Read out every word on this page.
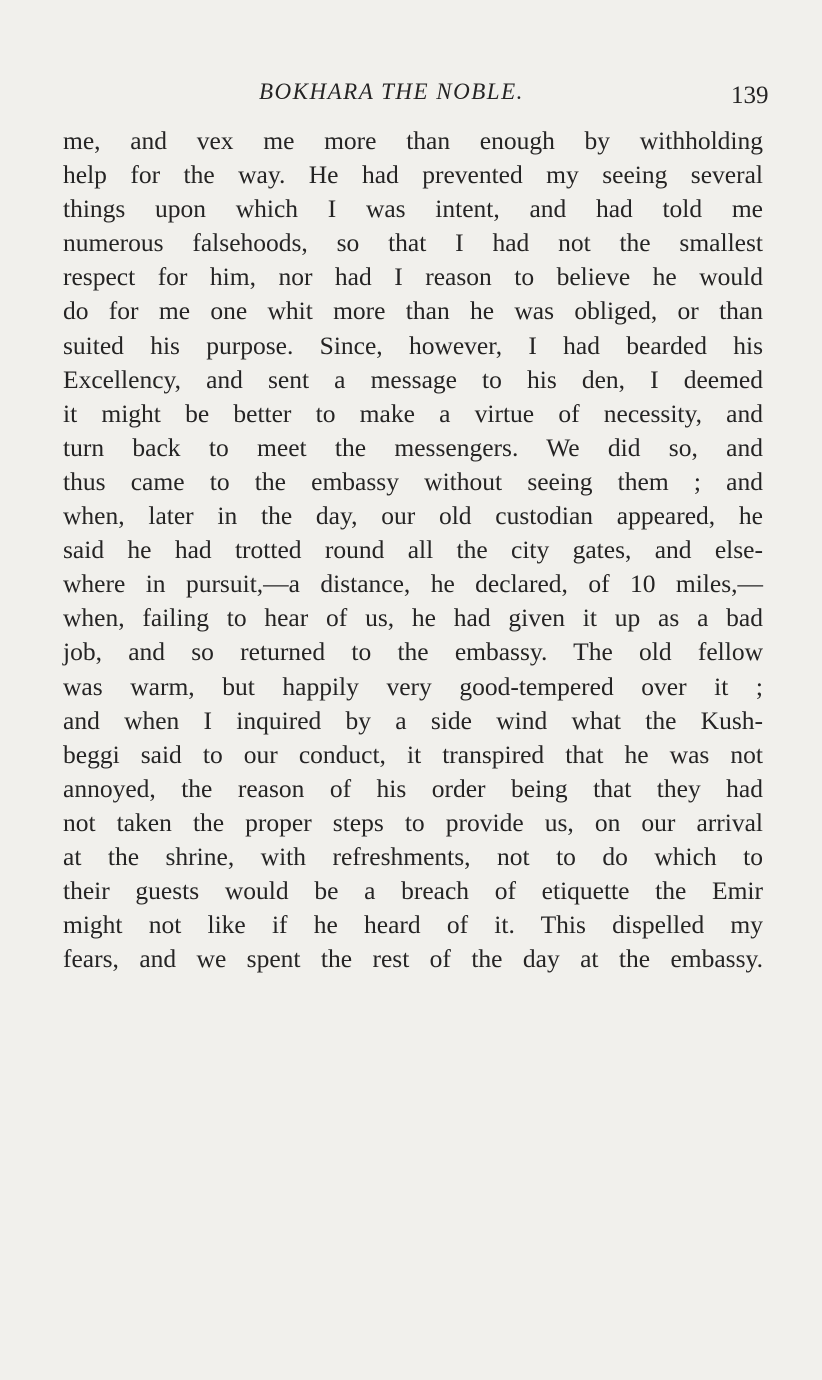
BOKHARA THE NOBLE.	139
me, and vex me more than enough by withholding
help for the way. He had prevented my seeing several
things upon which I was intent, and had told me
numerous falsehoods, so that I had not the smallest
respect for him, nor had I reason to believe he would
do for me one whit more than he was obliged, or than
suited his purpose. Since, however, I had bearded his
Excellency, and sent a message to his den, I deemed
it might be better to make a virtue of necessity, and
turn back to meet the messengers. We did so, and
thus came to the embassy without seeing them ; and
when, later in the day, our old custodian appeared, he
said he had trotted round all the city gates, and else-
where in pursuit,—a distance, he declared, of 10 miles,—
when, failing to hear of us, he had given it up as a bad
job, and so returned to the embassy. The old fellow
was warm, but happily very good-tempered over it ;
and when I inquired by a side wind what the Kush-
beggi said to our conduct, it transpired that he was not
annoyed, the reason of his order being that they had
not taken the proper steps to provide us, on our arrival
at the shrine, with refreshments, not to do which to
their guests would be a breach of etiquette the Emir
might not like if he heard of it. This dispelled my
fears, and we spent the rest of the day at the embassy.
